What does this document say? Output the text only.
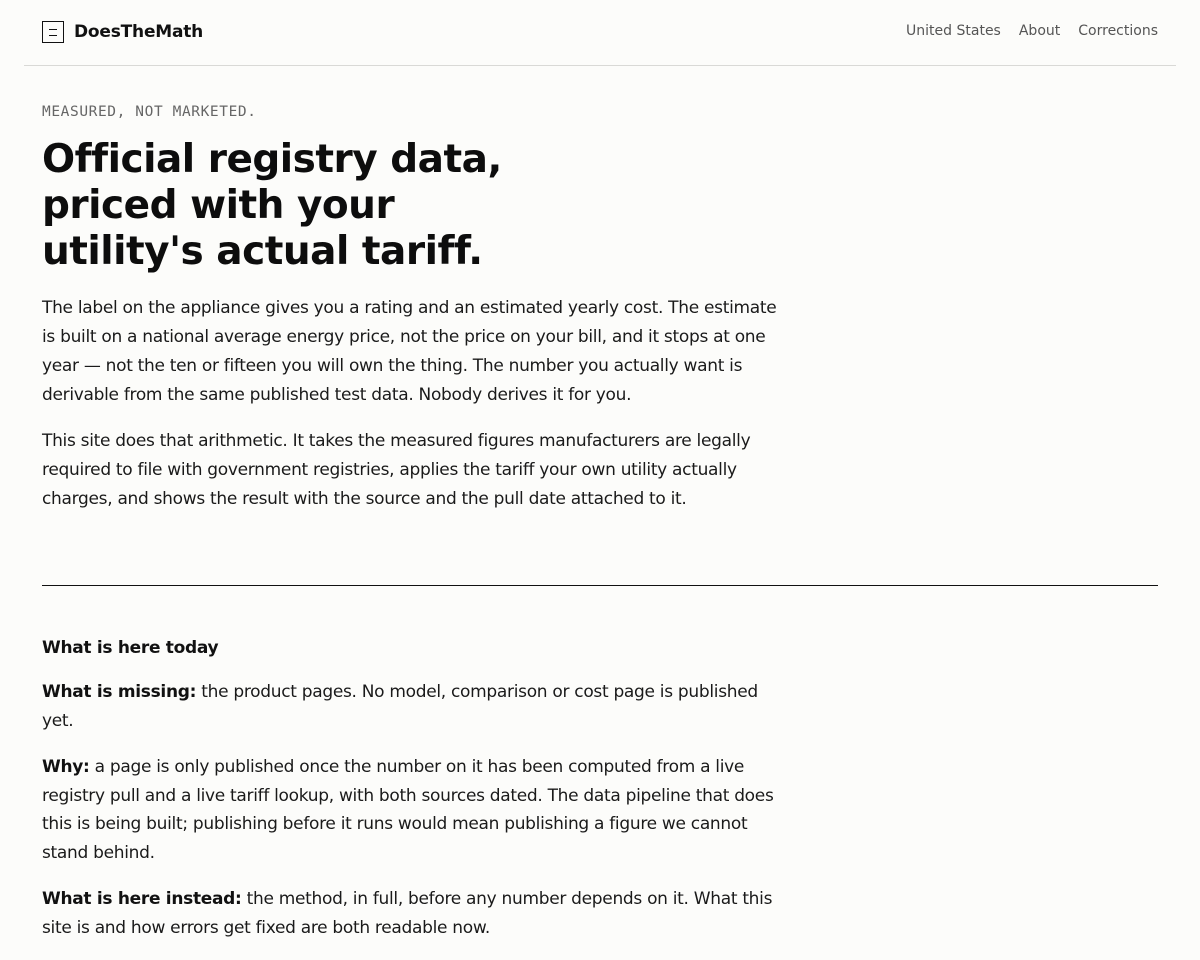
DoesTheMath	United States About Corrections
MEASURED, NOT MARKETED.
Official registry data,
priced with your
utility's actual tariff.

The label on the appliance gives you a rating and an estimated yearly cost. The estimate is built on a national average energy price, not the price on your bill, and it stops at one year — not the ten or fifteen you will own the thing. The number you actually want is derivable from the same published test data. Nobody derives it for you.

This site does that arithmetic. It takes the measured figures manufacturers are legally required to file with government registries, applies the tariff your own utility actually charges, and shows the result with the source and the pull date attached to it.

What is here today

What is missing: the product pages. No model, comparison or cost page is published yet.

Why: a page is only published once the number on it has been computed from a live registry pull and a live tariff lookup, with both sources dated. The data pipeline that does this is being built; publishing before it runs would mean publishing a figure we cannot stand behind.

What is here instead: the method, in full, before any number depends on it. What this site is and how errors get fixed are both readable now.
